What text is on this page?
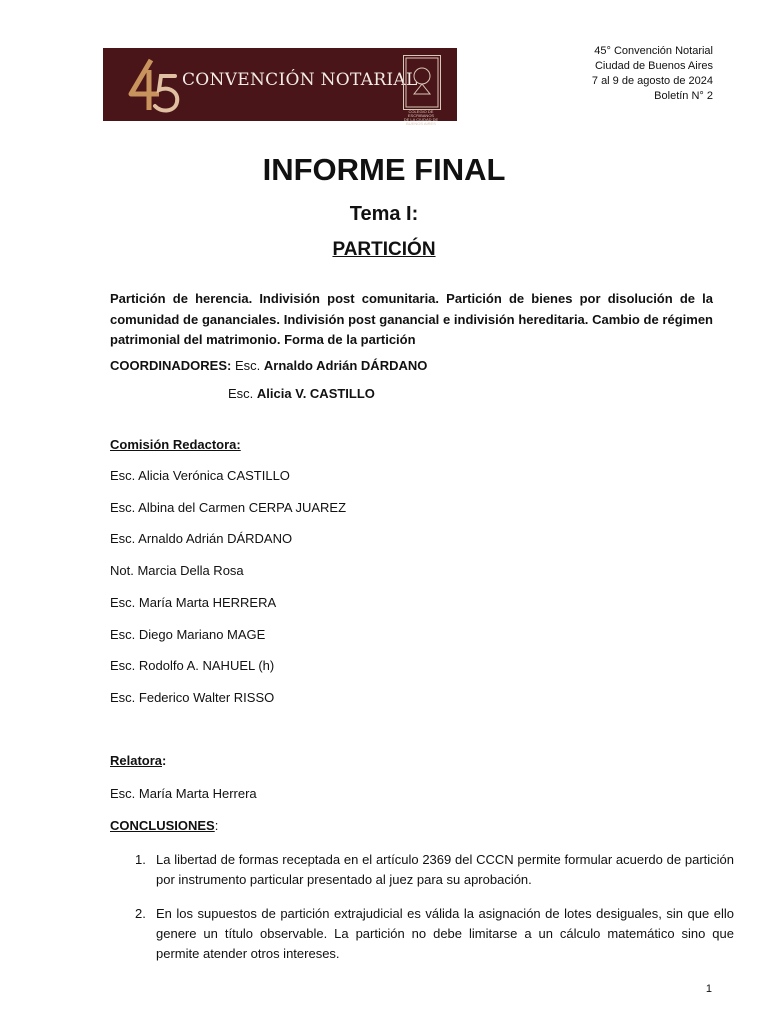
CONVENCIÓN NOTARIAL
COLEGIO DE
ESCRIBANOS
DE LA CIUDAD DE
BUENOS AIRES
45° Convención Notarial
Ciudad de Buenos Aires
7 al 9 de agosto de 2024
Boletín N° 2
INFORME FINAL
Tema I:
PARTICIÓN

Partición de herencia. Indivisión post comunitaria. Partición de bienes por disolución de la comunidad de gananciales. Indivisión post ganancial e indivisión hereditaria. Cambio de régimen patrimonial del matrimonio. Forma de la partición

COORDINADORES: Esc. Arnaldo Adrián DÁRDANO
Esc. Alicia V. CASTILLO
Comisión Redactora:
Esc. Alicia Verónica CASTILLO
Esc. Albina del Carmen CERPA JUAREZ
Esc. Arnaldo Adrián DÁRDANO
Not. Marcia Della Rosa
Esc. María Marta HERRERA
Esc. Diego Mariano MAGE
Esc. Rodolfo A. NAHUEL (h)
Esc. Federico Walter RISSO
Relatora:
Esc. María Marta Herrera
CONCLUSIONES:

1. La libertad de formas receptada en el artículo 2369 del CCCN permite formular acuerdo de partición por instrumento particular presentado al juez para su aprobación.

2. En los supuestos de partición extrajudicial es válida la asignación de lotes desiguales, sin que ello genere un título observable. La partición no debe limitarse a un cálculo matemático sino que permite atender otros intereses.

1
